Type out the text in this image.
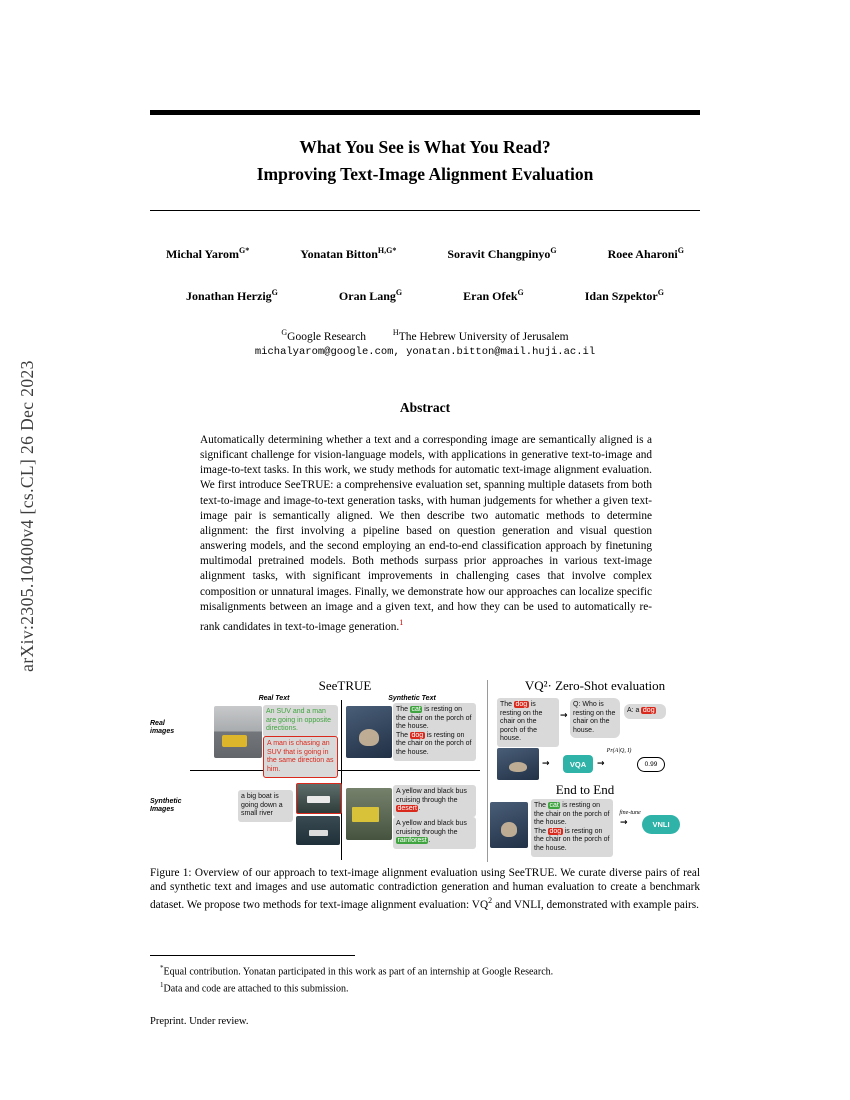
arXiv:2305.10400v4 [cs.CL] 26 Dec 2023
What You See is What You Read?
Improving Text-Image Alignment Evaluation
Michal Yarom$^{G*}$	Yonatan Bitton$^{H,G*}$	Soravit Changpinyo$^G$	Roee Aharoni$^G$
Jonathan Herzig$^G$	Oran Lang$^G$	Eran Ofek$^G$	Idan Szpektor$^G$
$^G$Google Research	$^H$The Hebrew University of Jerusalem
michalyarom@google.com, yonatan.bitton@mail.huji.ac.il
Abstract
Automatically determining whether a text and a corresponding image are semantically aligned is a significant challenge for vision-language models, with applications in generative text-to-image and image-to-text tasks. In this work, we study methods for automatic text-image alignment evaluation. We first introduce SeeTRUE: a comprehensive evaluation set, spanning multiple datasets from both text-to-image and image-to-text generation tasks, with human judgements for whether a given text-image pair is semantically aligned. We then describe two automatic methods to determine alignment: the first involving a pipeline based on question generation and visual question answering models, and the second employing an end-to-end classification approach by finetuning multimodal pretrained models. Both methods surpass prior approaches in various text-image alignment tasks, with significant improvements in challenging cases that involve complex composition or unnatural images. Finally, we demonstrate how our approaches can localize specific misalignments between an image and a given text, and how they can be used to automatically re-rank candidates in text-to-image generation.$^1$
SeeTRUE	VQ²· Zero-Shot evaluation
Real Text	Synthetic Text
Real images
Synthetic Images
An SUV and a man are going in opposite directions.
A man is chasing an SUV that is going in the same direction as him.
The cat is resting on the chair on the porch of the house.
The dog is resting on the chair on the porch of the house.
a big boat is going down a small river
A yellow and black bus cruising through the desert .
A yellow and black bus cruising through the rainforest .
The dog is resting on the chair on the porch of the house.
→
Q: Who is resting on the chair on the house.
A: a dog
→	VQA
Pr(A|Q, I)
→	0.99
End to End
The cat is resting on the chair on the porch of the house.
The dog is resting on the chair on the porch of the house.
fine-tune
→	VNLI
Figure 1: Overview of our approach to text-image alignment evaluation using SeeTRUE. We curate diverse pairs of real and synthetic text and images and use automatic contradiction generation and human evaluation to create a benchmark dataset. We propose two methods for text-image alignment evaluation: $VQ^2$ and VNLI, demonstrated with example pairs.
*Equal contribution. Yonatan participated in this work as part of an internship at Google Research.
$^1$Data and code are attached to this submission.
Preprint. Under review.
